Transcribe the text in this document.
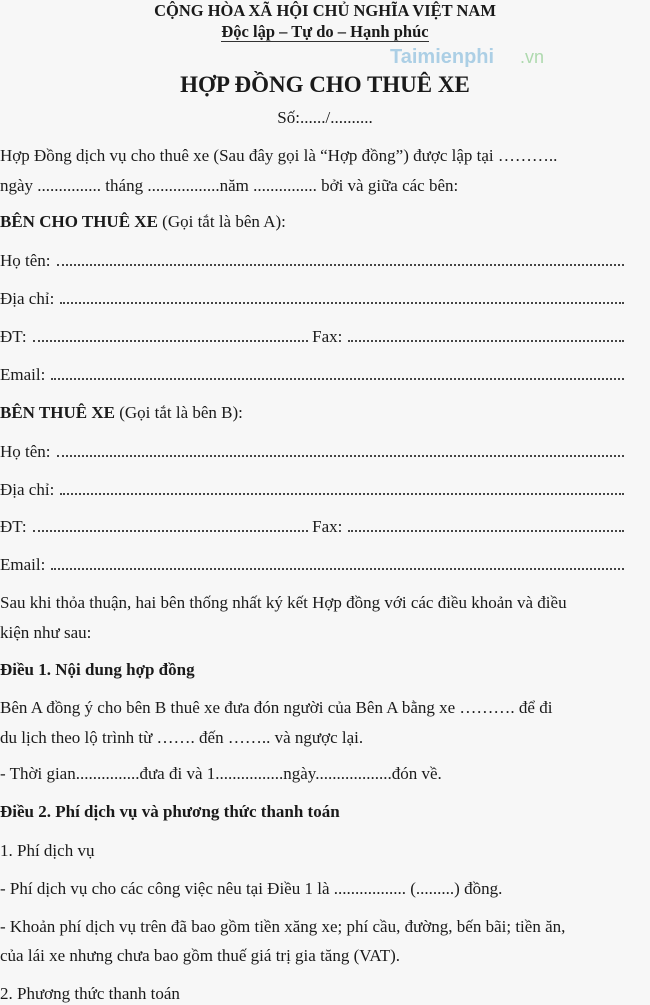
Taimienphi .vn
CỘNG HÒA XÃ HỘI CHỦ NGHĨA VIỆT NAM
Độc lập – Tự do – Hạnh phúc
HỢP ĐỒNG CHO THUÊ XE
Số:....../..........
Hợp Đồng dịch vụ cho thuê xe (Sau đây gọi là “Hợp đồng”) được lập tại ………..
ngày ............... tháng .................năm ............... bởi và giữa các bên:
BÊN CHO THUÊ XE (Gọi tắt là bên A):
Họ tên:
Địa chỉ:
ĐT:	Fax:
Email:
BÊN THUÊ XE (Gọi tắt là bên B):
Họ tên:
Địa chỉ:
ĐT:	Fax:
Email:
Sau khi thỏa thuận, hai bên thống nhất ký kết Hợp đồng với các điều khoản và điều
kiện như sau:
Điều 1. Nội dung hợp đồng
Bên A đồng ý cho bên B thuê xe đưa đón người của Bên A bằng xe ………. để đi
du lịch theo lộ trình từ ……. đến …….. và ngược lại.
- Thời gian...............đưa đi và 1................ngày..................đón về.
Điều 2. Phí dịch vụ và phương thức thanh toán
1. Phí dịch vụ
- Phí dịch vụ cho các công việc nêu tại Điều 1 là ................. (.........) đồng.
- Khoản phí dịch vụ trên đã bao gồm tiền xăng xe; phí cầu, đường, bến bãi; tiền ăn,
của lái xe nhưng chưa bao gồm thuế giá trị gia tăng (VAT).
2. Phương thức thanh toán
